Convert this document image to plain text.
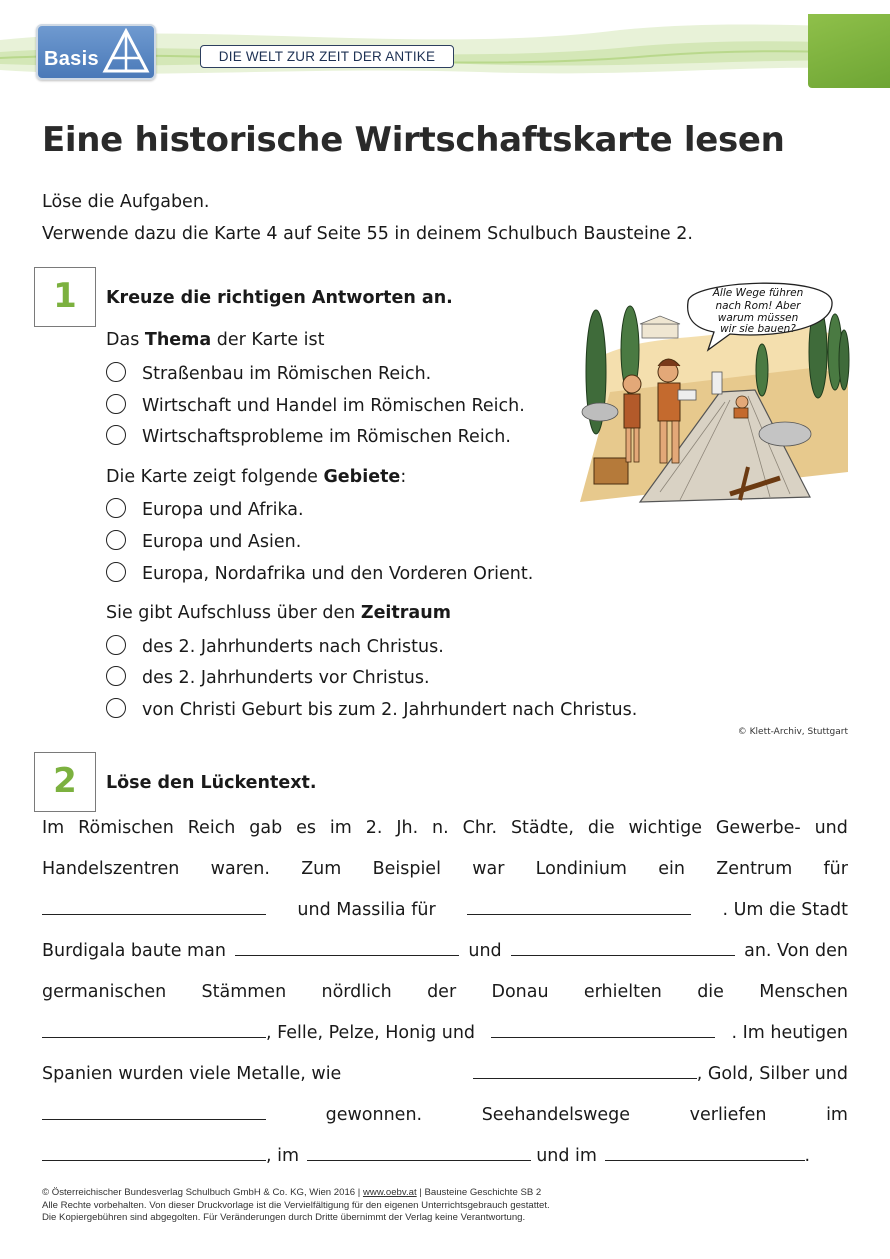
Basis	DIE WELT ZUR ZEIT DER ANTIKE
Eine historische Wirtschaftskarte lesen
Löse die Aufgaben.
Verwende dazu die Karte 4 auf Seite 55 in deinem Schulbuch Bausteine 2.
1	Kreuze die richtigen Antworten an.
Das Thema der Karte ist
Straßenbau im Römischen Reich.
Wirtschaft und Handel im Römischen Reich.
Wirtschaftsprobleme im Römischen Reich.
Die Karte zeigt folgende Gebiete:
Europa und Afrika.
Europa und Asien.
Europa, Nordafrika und den Vorderen Orient.
Sie gibt Aufschluss über den Zeitraum
des 2. Jahrhunderts nach Christus.
des 2. Jahrhunderts vor Christus.
von Christi Geburt bis zum 2. Jahrhundert nach Christus.
Alle Wege führen
nach Rom! Aber
warum müssen
wir sie bauen?
© Klett-Archiv, Stuttgart
2	Löse den Lückentext.
Im Römischen Reich gab es im 2. Jh. n. Chr. Städte, die wichtige Gewerbe- und
Handelszentren waren. Zum Beispiel war Londinium ein Zentrum für
und Massilia für	. Um die Stadt
Burdigala baute man	und	an. Von den
germanischen Stämmen nördlich der Donau erhielten die Menschen
, Felle, Pelze, Honig und	. Im heutigen
Spanien wurden viele Metalle, wie	, Gold, Silber und
gewonnen.	Seehandelswege	verliefen	im
, im	und im	.
© Österreichischer Bundesverlag Schulbuch GmbH & Co. KG, Wien 2016 | www.oebv.at | Bausteine Geschichte SB 2
Alle Rechte vorbehalten. Von dieser Druckvorlage ist die Vervielfältigung für den eigenen Unterrichtsgebrauch gestattet.
Die Kopiergebühren sind abgegolten. Für Veränderungen durch Dritte übernimmt der Verlag keine Verantwortung.
